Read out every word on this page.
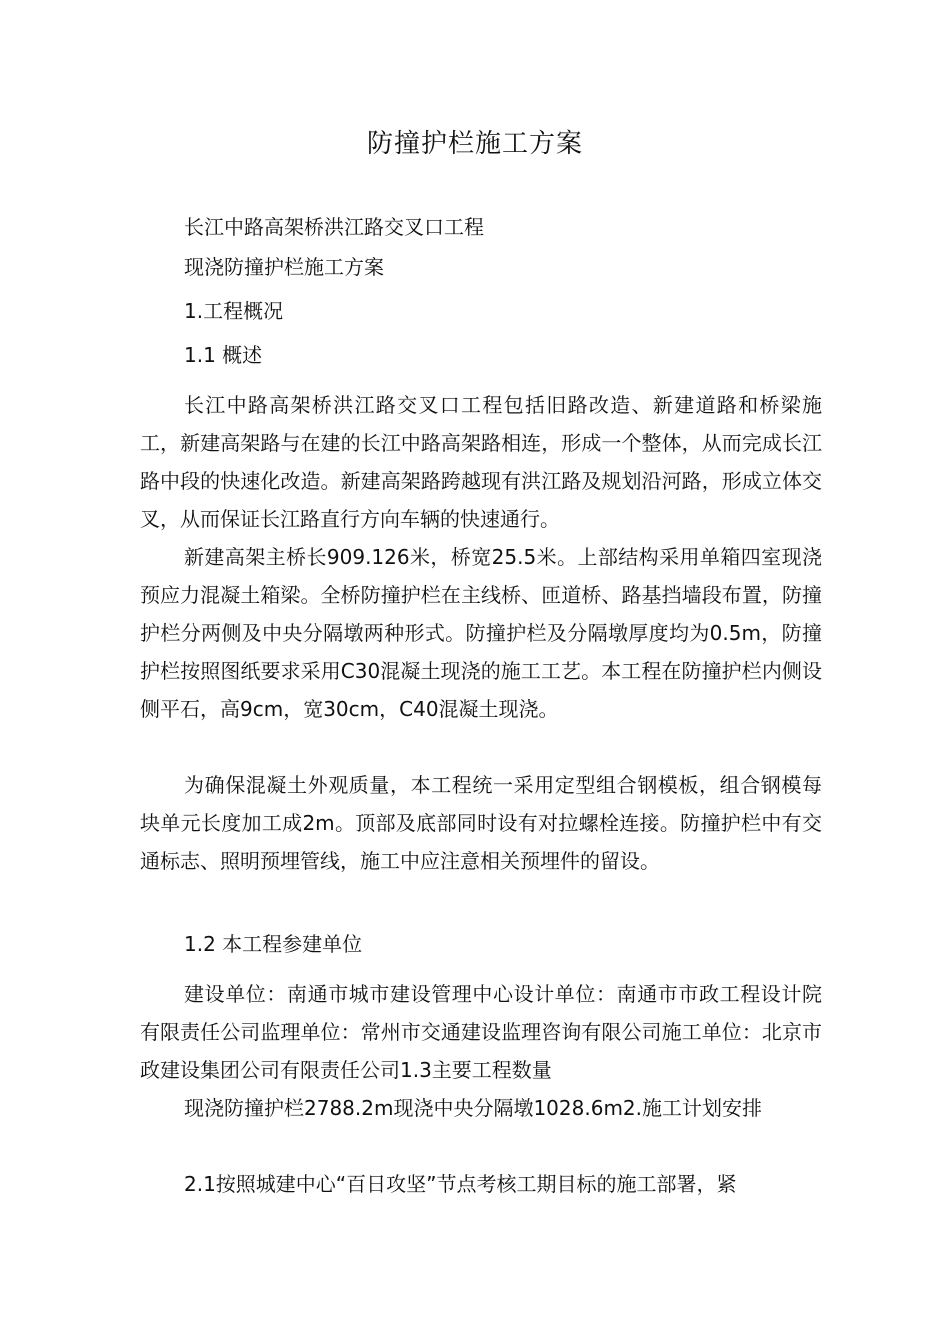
防撞护栏施工方案
长江中路高架桥洪江路交叉口工程
现浇防撞护栏施工方案
1.工程概况
1.1 概述

长江中路高架桥洪江路交叉口工程包括旧路改造、新建道路和桥梁施工，新建高架路与在建的长江中路高架路相连，形成一个整体，从而完成长江路中段的快速化改造。新建高架路跨越现有洪江路及规划沿河路，形成立体交叉，从而保证长江路直行方向车辆的快速通行。

新建高架主桥长909.126米，桥宽25.5米。上部结构采用单箱四室现浇预应力混凝土箱梁。全桥防撞护栏在主线桥、匝道桥、路基挡墙段布置，防撞护栏分两侧及中央分隔墩两种形式。防撞护栏及分隔墩厚度均为0.5m，防撞护栏按照图纸要求采用C30混凝土现浇的施工工艺。本工程在防撞护栏内侧设侧平石，高9cm，宽30cm，C40混凝土现浇。

为确保混凝土外观质量，本工程统一采用定型组合钢模板，组合钢模每块单元长度加工成2m。顶部及底部同时设有对拉螺栓连接。防撞护栏中有交通标志、照明预埋管线，施工中应注意相关预埋件的留设。

1.2 本工程参建单位

建设单位：南通市城市建设管理中心设计单位：南通市市政工程设计院有限责任公司监理单位：常州市交通建设监理咨询有限公司施工单位：北京市政建设集团公司有限责任公司1.3主要工程数量

现浇防撞护栏2788.2m现浇中央分隔墩1028.6m2.施工计划安排

2.1按照城建中心“百日攻坚”节点考核工期目标的施工部署，紧
